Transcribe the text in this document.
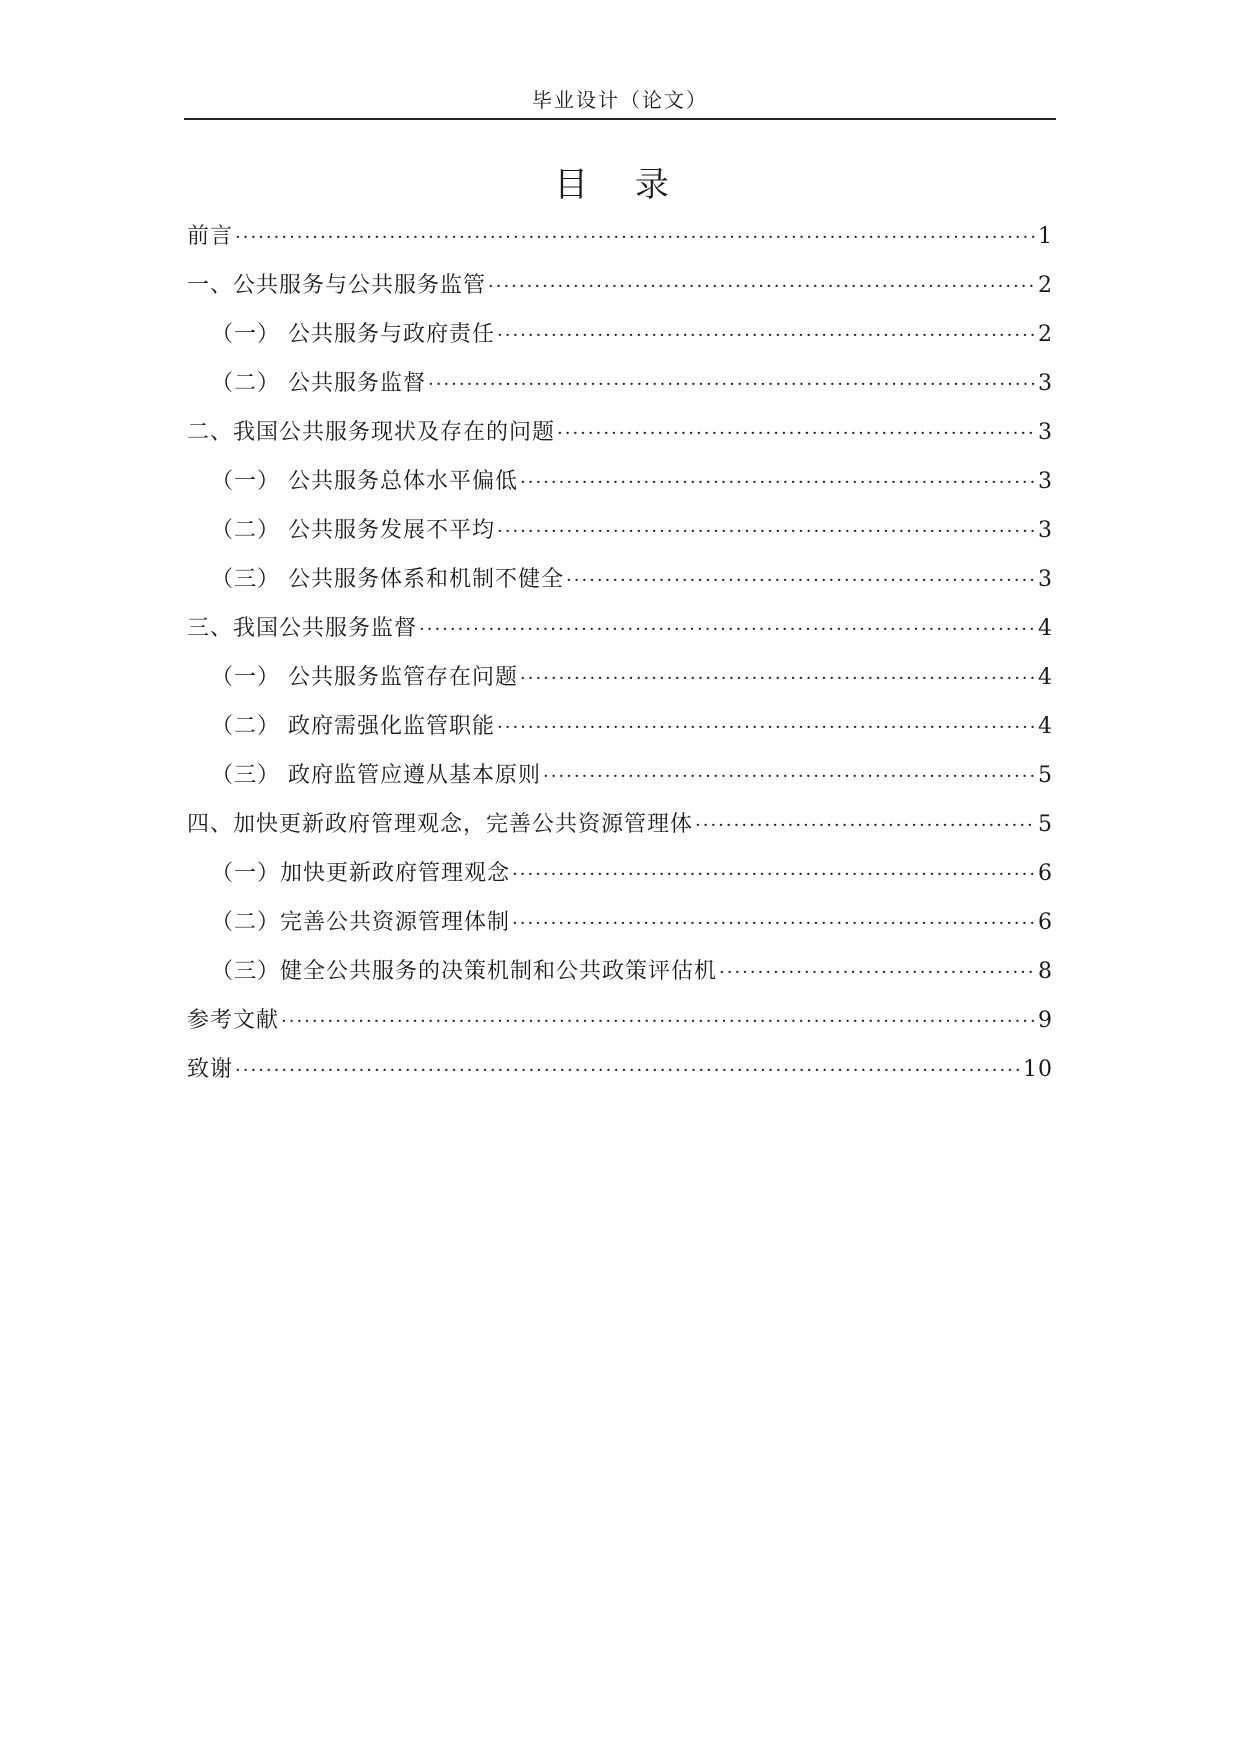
毕业设计（论文）
目 录
前言 ·····	1
一、公共服务与公共服务监管 ·····	2
（一） 公共服务与政府责任 ·····	2
（二） 公共服务监督 ·····	3
二、我国公共服务现状及存在的问题 ·····	3
（一） 公共服务总体水平偏低 ·····	3
（二） 公共服务发展不平均 ·····	3
（三） 公共服务体系和机制不健全 ·····	3
三、我国公共服务监督 ·····	4
（一） 公共服务监管存在问题 ·····	4
（二） 政府需强化监管职能 ·····	4
（三） 政府监管应遵从基本原则 ·····	5
四、加快更新政府管理观念，完善公共资源管理体 ·····	5
（一）加快更新政府管理观念 ·····	6
（二）完善公共资源管理体制 ·····	6
（三）健全公共服务的决策机制和公共政策评估机 ·····	8
参考文献 ·····	9
致谢 ·····	10
